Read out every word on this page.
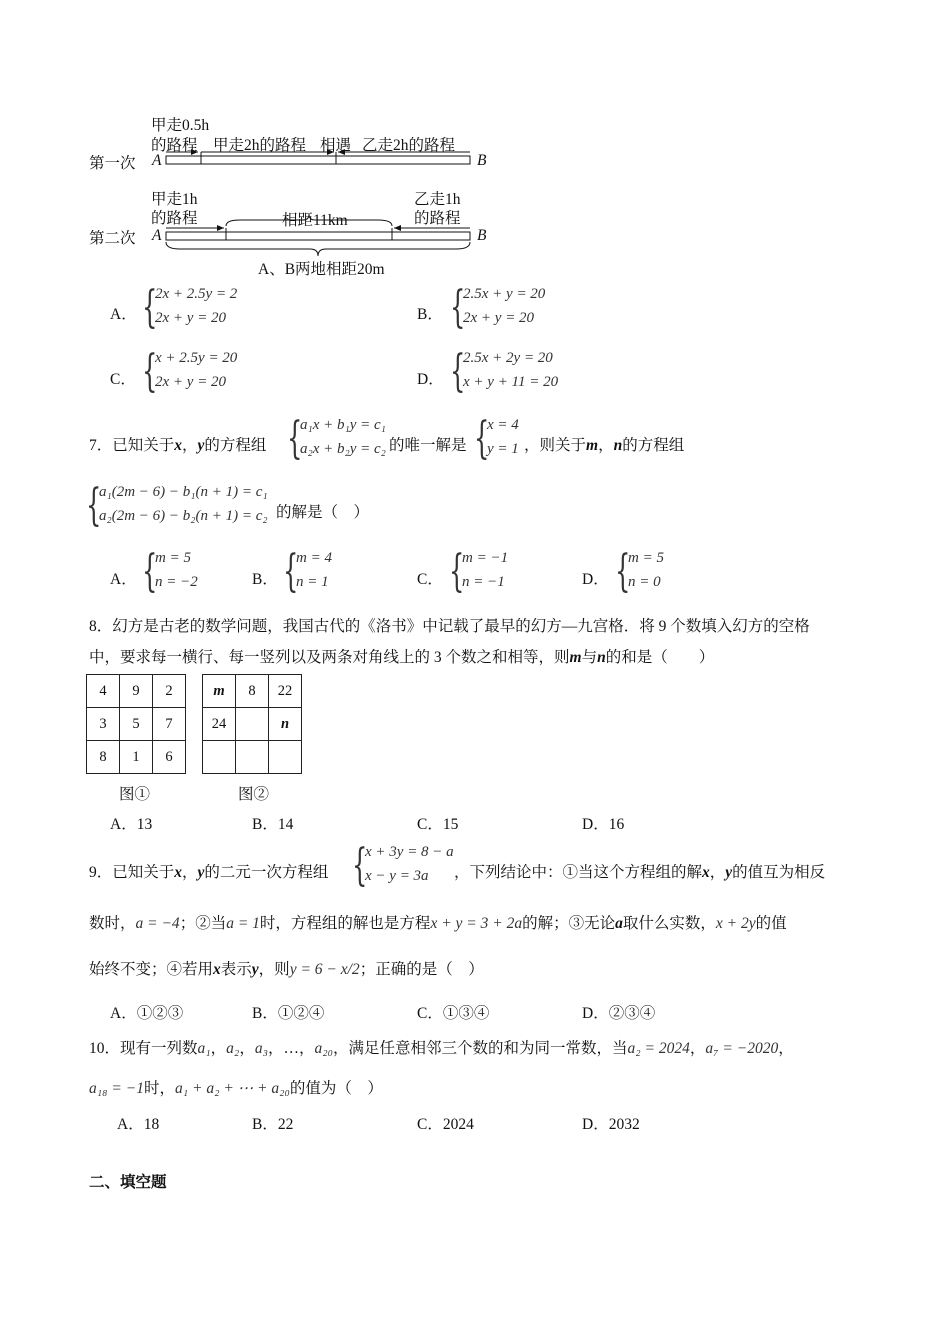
第一次
甲走0.5h
的路程 甲走2h的路程 相遇 乙走2h的路程
A	B
第二次
甲走1h
的路程	相距11km
乙走1h
的路程
A	B
A、B两地相距20m
A． {
2x + 2.5y = 2
2x + y = 20	B． {
2.5x + y = 20
2x + y = 20
C． {
x + 2.5y = 20
2x + y = 20	D． {
2.5x + 2y = 20
x + y + 11 = 20
7．已知关于x，y的方程组 {
a₁x + b₁y = c₁
a₂x + b₂y = c₂ 的唯一解是 {
x = 4
y = 1 ，则关于m，n的方程组
{
a₁(2m − 6) − b₁(n + 1) = c₁
a₂(2m − 6) − b₂(n + 1) = c₂ 的解是（　）
A． {
m = 5
n = −2	B． {
m = 4
n = 1	C． {
m = −1
n = −1	D． {
m = 5
n = 0
8．幻方是古老的数学问题，我国古代的《洛书》中记载了最早的幻方—九宫格．将 9 个数填入幻方的空格
中，要求每一横行、每一竖列以及两条对角线上的 3 个数之和相等，则m与n的和是（　　）
4	9	2
3	5	7
8	1	6
m	8	22
24		n

图①	图②
A．13	B．14	C．15	D．16
9．已知关于x，y的二元一次方程组 {
x + 3y = 8 − a
x − y = 3a ，下列结论中：①当这个方程组的解x，y的值互为相反
数时，a = −4；②当a = 1时，方程组的解也是方程x + y = 3 + 2a的解；③无论a取什么实数，x + 2y的值
始终不变；④若用x表示y，则y = 6 − x/2；正确的是（　）
A．①②③	B．①②④	C．①③④	D．②③④
10．现有一列数a₁，a₂，a₃，…，a₂₀，满足任意相邻三个数的和为同一常数，当a₂ = 2024，a₇ = −2020，
a₁₈ = −1时，a₁ + a₂ + ⋯ + a₂₀的值为（　）
A．18	B．22	C．2024	D．2032
二、填空题
